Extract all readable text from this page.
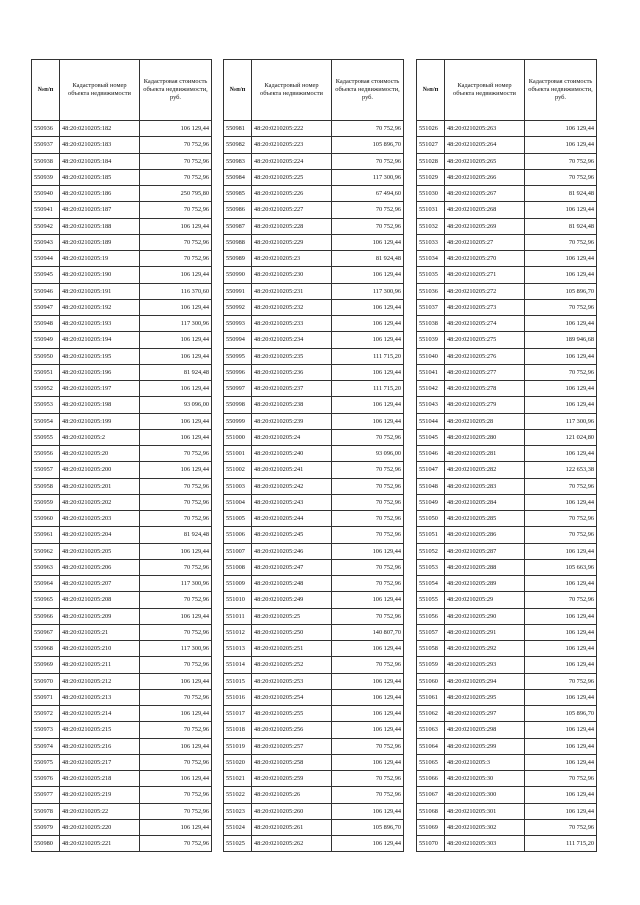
№п/п	Кадастровый номер объекта недвижимости	Кадастровая стоимость объекта недвижимости, руб.
550936	48:20:0210205:182	106 129,44
550937	48:20:0210205:183	70 752,96
550938	48:20:0210205:184	70 752,96
550939	48:20:0210205:185	70 752,96
550940	48:20:0210205:186	250 795,80
550941	48:20:0210205:187	70 752,96
550942	48:20:0210205:188	106 129,44
550943	48:20:0210205:189	70 752,96
550944	48:20:0210205:19	70 752,96
550945	48:20:0210205:190	106 129,44
550946	48:20:0210205:191	116 370,60
550947	48:20:0210205:192	106 129,44
550948	48:20:0210205:193	117 300,96
550949	48:20:0210205:194	106 129,44
550950	48:20:0210205:195	106 129,44
550951	48:20:0210205:196	81 924,48
550952	48:20:0210205:197	106 129,44
550953	48:20:0210205:198	93 096,00
550954	48:20:0210205:199	106 129,44
550955	48:20:0210205:2	106 129,44
550956	48:20:0210205:20	70 752,96
550957	48:20:0210205:200	106 129,44
550958	48:20:0210205:201	70 752,96
550959	48:20:0210205:202	70 752,96
550960	48:20:0210205:203	70 752,96
550961	48:20:0210205:204	81 924,48
550962	48:20:0210205:205	106 129,44
550963	48:20:0210205:206	70 752,96
550964	48:20:0210205:207	117 300,96
550965	48:20:0210205:208	70 752,96
550966	48:20:0210205:209	106 129,44
550967	48:20:0210205:21	70 752,96
550968	48:20:0210205:210	117 300,96
550969	48:20:0210205:211	70 752,96
550970	48:20:0210205:212	106 129,44
550971	48:20:0210205:213	70 752,96
550972	48:20:0210205:214	106 129,44
550973	48:20:0210205:215	70 752,96
550974	48:20:0210205:216	106 129,44
550975	48:20:0210205:217	70 752,96
550976	48:20:0210205:218	106 129,44
550977	48:20:0210205:219	70 752,96
550978	48:20:0210205:22	70 752,96
550979	48:20:0210205:220	106 129,44
550980	48:20:0210205:221	70 752,96
№п/п	Кадастровый номер объекта недвижимости	Кадастровая стоимость объекта недвижимости, руб.
550981	48:20:0210205:222	70 752,96
550982	48:20:0210205:223	105 896,70
550983	48:20:0210205:224	70 752,96
550984	48:20:0210205:225	117 300,96
550985	48:20:0210205:226	67 494,60
550986	48:20:0210205:227	70 752,96
550987	48:20:0210205:228	70 752,96
550988	48:20:0210205:229	106 129,44
550989	48:20:0210205:23	81 924,48
550990	48:20:0210205:230	106 129,44
550991	48:20:0210205:231	117 300,96
550992	48:20:0210205:232	106 129,44
550993	48:20:0210205:233	106 129,44
550994	48:20:0210205:234	106 129,44
550995	48:20:0210205:235	111 715,20
550996	48:20:0210205:236	106 129,44
550997	48:20:0210205:237	111 715,20
550998	48:20:0210205:238	106 129,44
550999	48:20:0210205:239	106 129,44
551000	48:20:0210205:24	70 752,96
551001	48:20:0210205:240	93 096,00
551002	48:20:0210205:241	70 752,96
551003	48:20:0210205:242	70 752,96
551004	48:20:0210205:243	70 752,96
551005	48:20:0210205:244	70 752,96
551006	48:20:0210205:245	70 752,96
551007	48:20:0210205:246	106 129,44
551008	48:20:0210205:247	70 752,96
551009	48:20:0210205:248	70 752,96
551010	48:20:0210205:249	106 129,44
551011	48:20:0210205:25	70 752,96
551012	48:20:0210205:250	140 807,70
551013	48:20:0210205:251	106 129,44
551014	48:20:0210205:252	70 752,96
551015	48:20:0210205:253	106 129,44
551016	48:20:0210205:254	106 129,44
551017	48:20:0210205:255	106 129,44
551018	48:20:0210205:256	106 129,44
551019	48:20:0210205:257	70 752,96
551020	48:20:0210205:258	106 129,44
551021	48:20:0210205:259	70 752,96
551022	48:20:0210205:26	70 752,96
551023	48:20:0210205:260	106 129,44
551024	48:20:0210205:261	105 896,70
551025	48:20:0210205:262	106 129,44
№п/п	Кадастровый номер объекта недвижимости	Кадастровая стоимость объекта недвижимости, руб.
551026	48:20:0210205:263	106 129,44
551027	48:20:0210205:264	106 129,44
551028	48:20:0210205:265	70 752,96
551029	48:20:0210205:266	70 752,96
551030	48:20:0210205:267	81 924,48
551031	48:20:0210205:268	106 129,44
551032	48:20:0210205:269	81 924,48
551033	48:20:0210205:27	70 752,96
551034	48:20:0210205:270	106 129,44
551035	48:20:0210205:271	106 129,44
551036	48:20:0210205:272	105 896,70
551037	48:20:0210205:273	70 752,96
551038	48:20:0210205:274	106 129,44
551039	48:20:0210205:275	189 946,68
551040	48:20:0210205:276	106 129,44
551041	48:20:0210205:277	70 752,96
551042	48:20:0210205:278	106 129,44
551043	48:20:0210205:279	106 129,44
551044	48:20:0210205:28	117 300,96
551045	48:20:0210205:280	121 024,80
551046	48:20:0210205:281	106 129,44
551047	48:20:0210205:282	122 653,38
551048	48:20:0210205:283	70 752,96
551049	48:20:0210205:284	106 129,44
551050	48:20:0210205:285	70 752,96
551051	48:20:0210205:286	70 752,96
551052	48:20:0210205:287	106 129,44
551053	48:20:0210205:288	105 663,96
551054	48:20:0210205:289	106 129,44
551055	48:20:0210205:29	70 752,96
551056	48:20:0210205:290	106 129,44
551057	48:20:0210205:291	106 129,44
551058	48:20:0210205:292	106 129,44
551059	48:20:0210205:293	106 129,44
551060	48:20:0210205:294	70 752,96
551061	48:20:0210205:295	106 129,44
551062	48:20:0210205:297	105 896,70
551063	48:20:0210205:298	106 129,44
551064	48:20:0210205:299	106 129,44
551065	48:20:0210205:3	106 129,44
551066	48:20:0210205:30	70 752,96
551067	48:20:0210205:300	106 129,44
551068	48:20:0210205:301	106 129,44
551069	48:20:0210205:302	70 752,96
551070	48:20:0210205:303	111 715,20
